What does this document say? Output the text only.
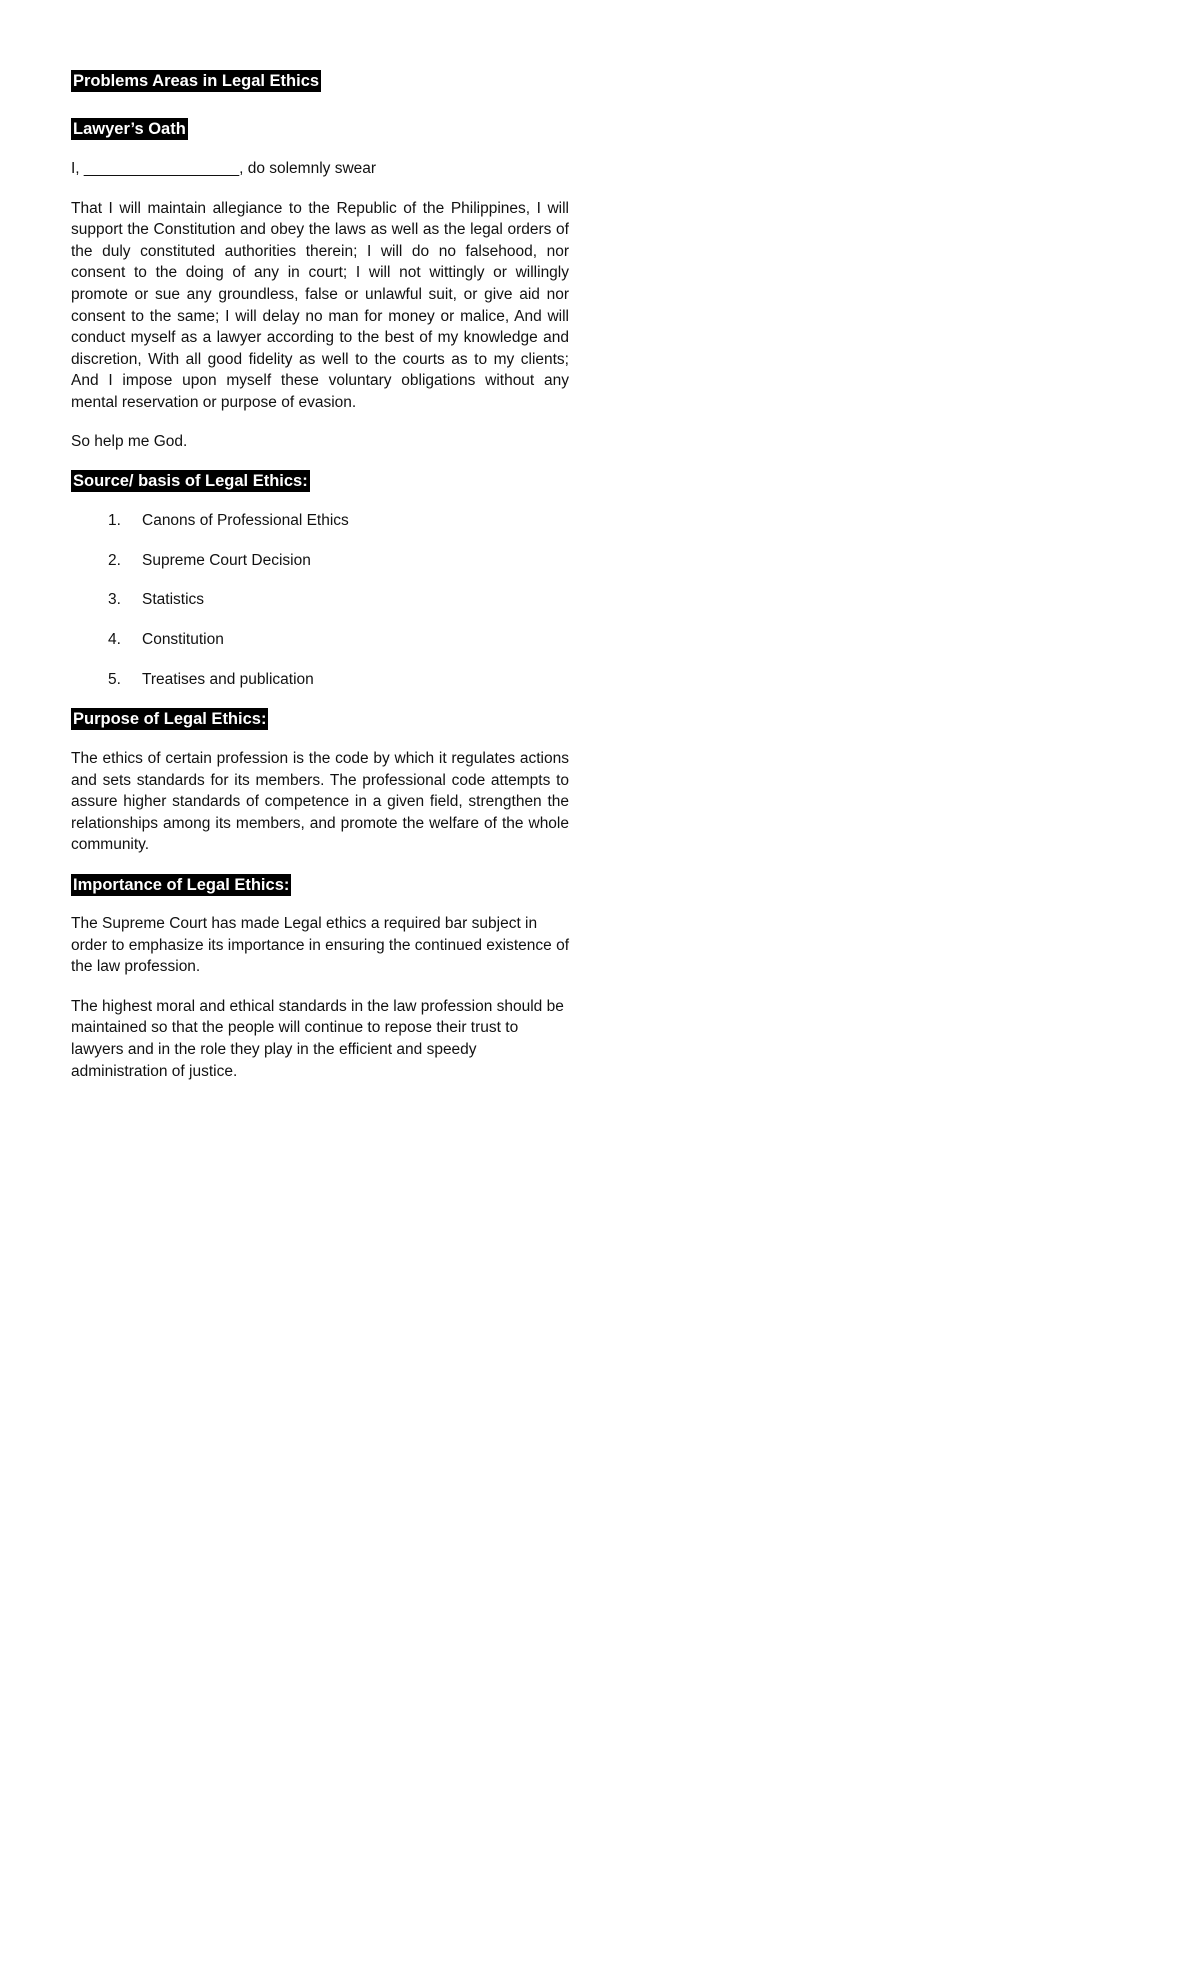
Problems Areas in Legal Ethics
Lawyer’s Oath

I, __________________, do solemnly swear

That I will maintain allegiance to the Republic of the Philippines, I will support the Constitution and obey the laws as well as the legal orders of the duly constituted authorities therein; I will do no falsehood, nor consent to the doing of any in court; I will not wittingly or willingly promote or sue any groundless, false or unlawful suit, or give aid nor consent to the same; I will delay no man for money or malice, And will conduct myself as a lawyer according to the best of my knowledge and discretion, With all good fidelity as well to the courts as to my clients; And I impose upon myself these voluntary obligations without any mental reservation or purpose of evasion.

So help me God.

Source/ basis of Legal Ethics:
1.	Canons of Professional Ethics
2.	Supreme Court Decision
3.	Statistics
4.	Constitution
5.	Treatises and publication
Purpose of Legal Ethics:

The ethics of certain profession is the code by which it regulates actions and sets standards for its members. The professional code attempts to assure higher standards of competence in a given field, strengthen the relationships among its members, and promote the welfare of the whole community.

Importance of Legal Ethics:

The Supreme Court has made Legal ethics a required bar subject in order to emphasize its importance in ensuring the continued existence of the law profession.

The highest moral and ethical standards in the law profession should be maintained so that the people will continue to repose their trust to lawyers and in the role they play in the efficient and speedy administration of justice.
